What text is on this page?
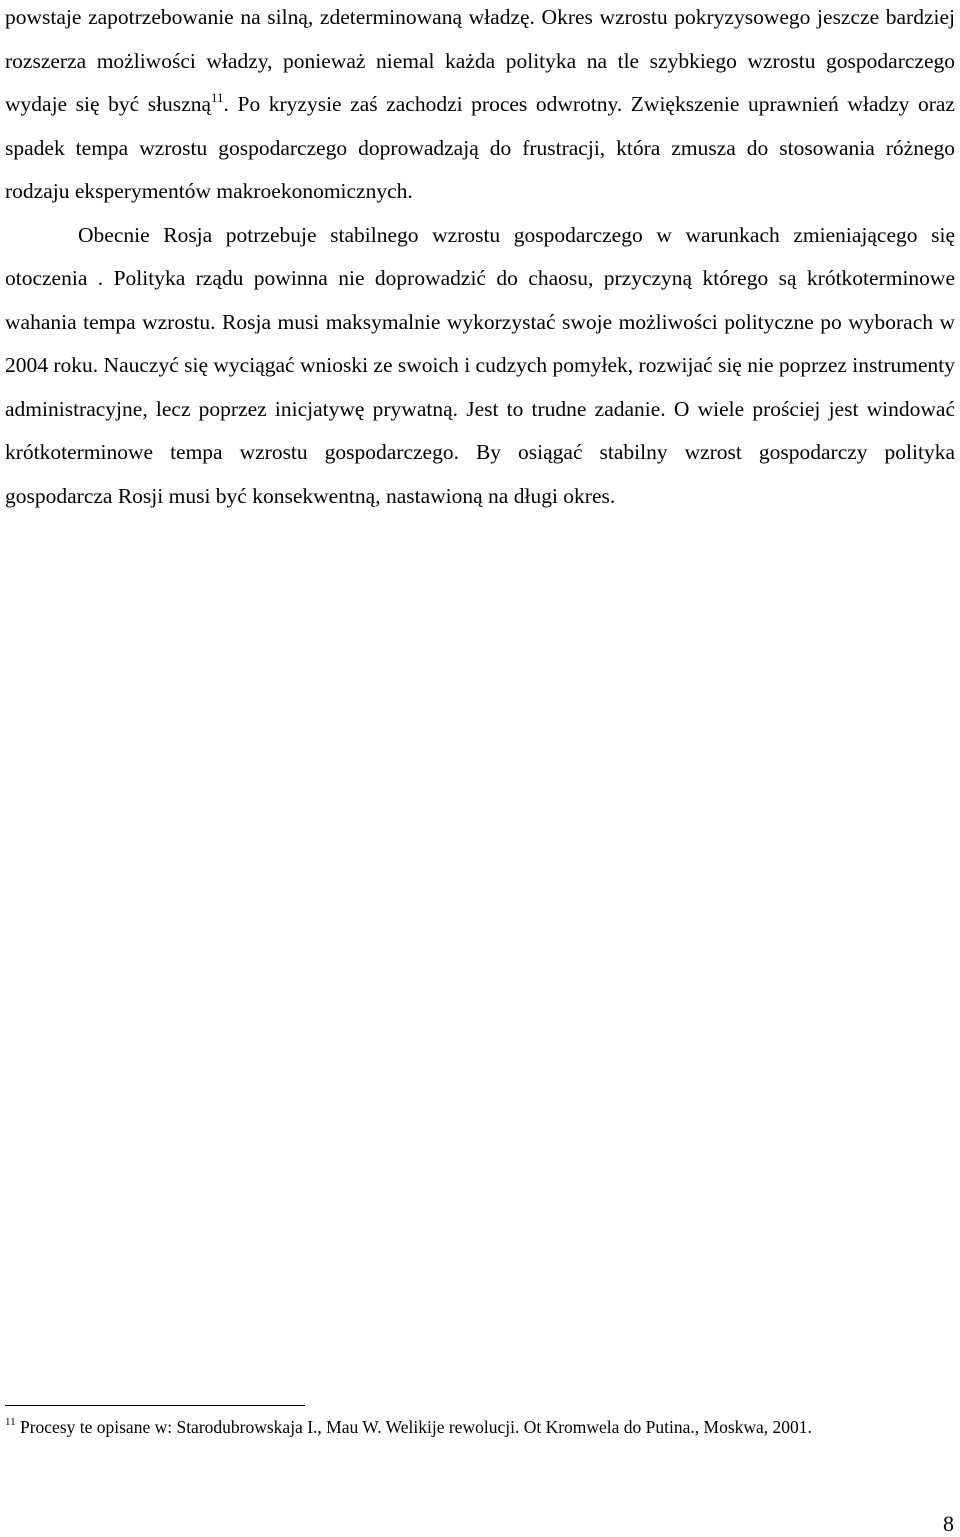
powstaje zapotrzebowanie na silną, zdeterminowaną władzę. Okres wzrostu pokryzysowego jeszcze bardziej rozszerza możliwości władzy, ponieważ niemal każda polityka na tle szybkiego wzrostu gospodarczego wydaje się być słuszną$^{11}$. Po kryzysie zaś zachodzi proces odwrotny. Zwiększenie uprawnień władzy oraz spadek tempa wzrostu gospodarczego doprowadzają do frustracji, która zmusza do stosowania różnego rodzaju eksperymentów makroekonomicznych.

Obecnie Rosja potrzebuje stabilnego wzrostu gospodarczego w warunkach zmieniającego się otoczenia . Polityka rządu powinna nie doprowadzić do chaosu, przyczyną którego są krótkoterminowe wahania tempa wzrostu. Rosja musi maksymalnie wykorzystać swoje możliwości polityczne po wyborach w 2004 roku. Nauczyć się wyciągać wnioski ze swoich i cudzych pomyłek, rozwijać się nie poprzez instrumenty administracyjne, lecz poprzez inicjatywę prywatną. Jest to trudne zadanie. O wiele prościej jest windować krótkoterminowe tempa wzrostu gospodarczego. By osiągać stabilny wzrost gospodarczy polityka gospodarcza Rosji musi być konsekwentną, nastawioną na długi okres.

$^{11}$ Procesy te opisane w: Starodubrowskaja I., Mau W. Welikije rewolucji. Ot Kromwela do Putina., Moskwa, 2001.

8
